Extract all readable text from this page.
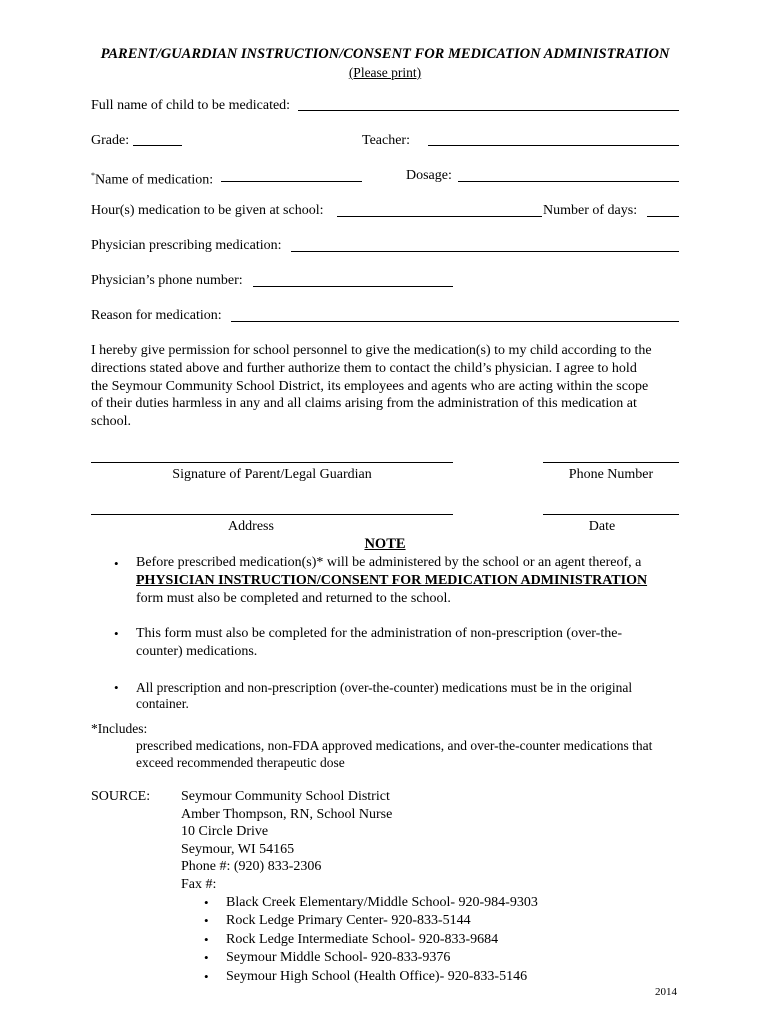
PARENT/GUARDIAN INSTRUCTION/CONSENT FOR MEDICATION ADMINISTRATION
(Please print)
Full name of child to be medicated:
Grade:	Teacher:
*Name of medication:	Dosage:
Hour(s) medication to be given at school:	Number of days:
Physician prescribing medication:
Physician’s phone number:
Reason for medication:
I hereby give permission for school personnel to give the medication(s) to my child according to the
directions stated above and further authorize them to contact the child’s physician. I agree to hold
the Seymour Community School District, its employees and agents who are acting within the scope
of their duties harmless in any and all claims arising from the administration of this medication at
school.
Signature of Parent/Legal Guardian	Phone Number
Address	Date
NOTE
• Before prescribed medication(s)* will be administered by the school or an agent thereof, a
PHYSICIAN INSTRUCTION/CONSENT FOR MEDICATION ADMINISTRATION
form must also be completed and returned to the school.
• This form must also be completed for the administration of non-prescription (over-the-
counter) medications.
• All prescription and non-prescription (over-the-counter) medications must be in the original
container.
*Includes:
prescribed medications, non-FDA approved medications, and over-the-counter medications that
exceed recommended therapeutic dose
SOURCE: Seymour Community School District
Amber Thompson, RN, School Nurse
10 Circle Drive
Seymour, WI 54165
Phone #: (920) 833-2306
Fax #:
• Black Creek Elementary/Middle School- 920-984-9303
• Rock Ledge Primary Center- 920-833-5144
• Rock Ledge Intermediate School- 920-833-9684
• Seymour Middle School- 920-833-9376
• Seymour High School (Health Office)- 920-833-5146
2014
